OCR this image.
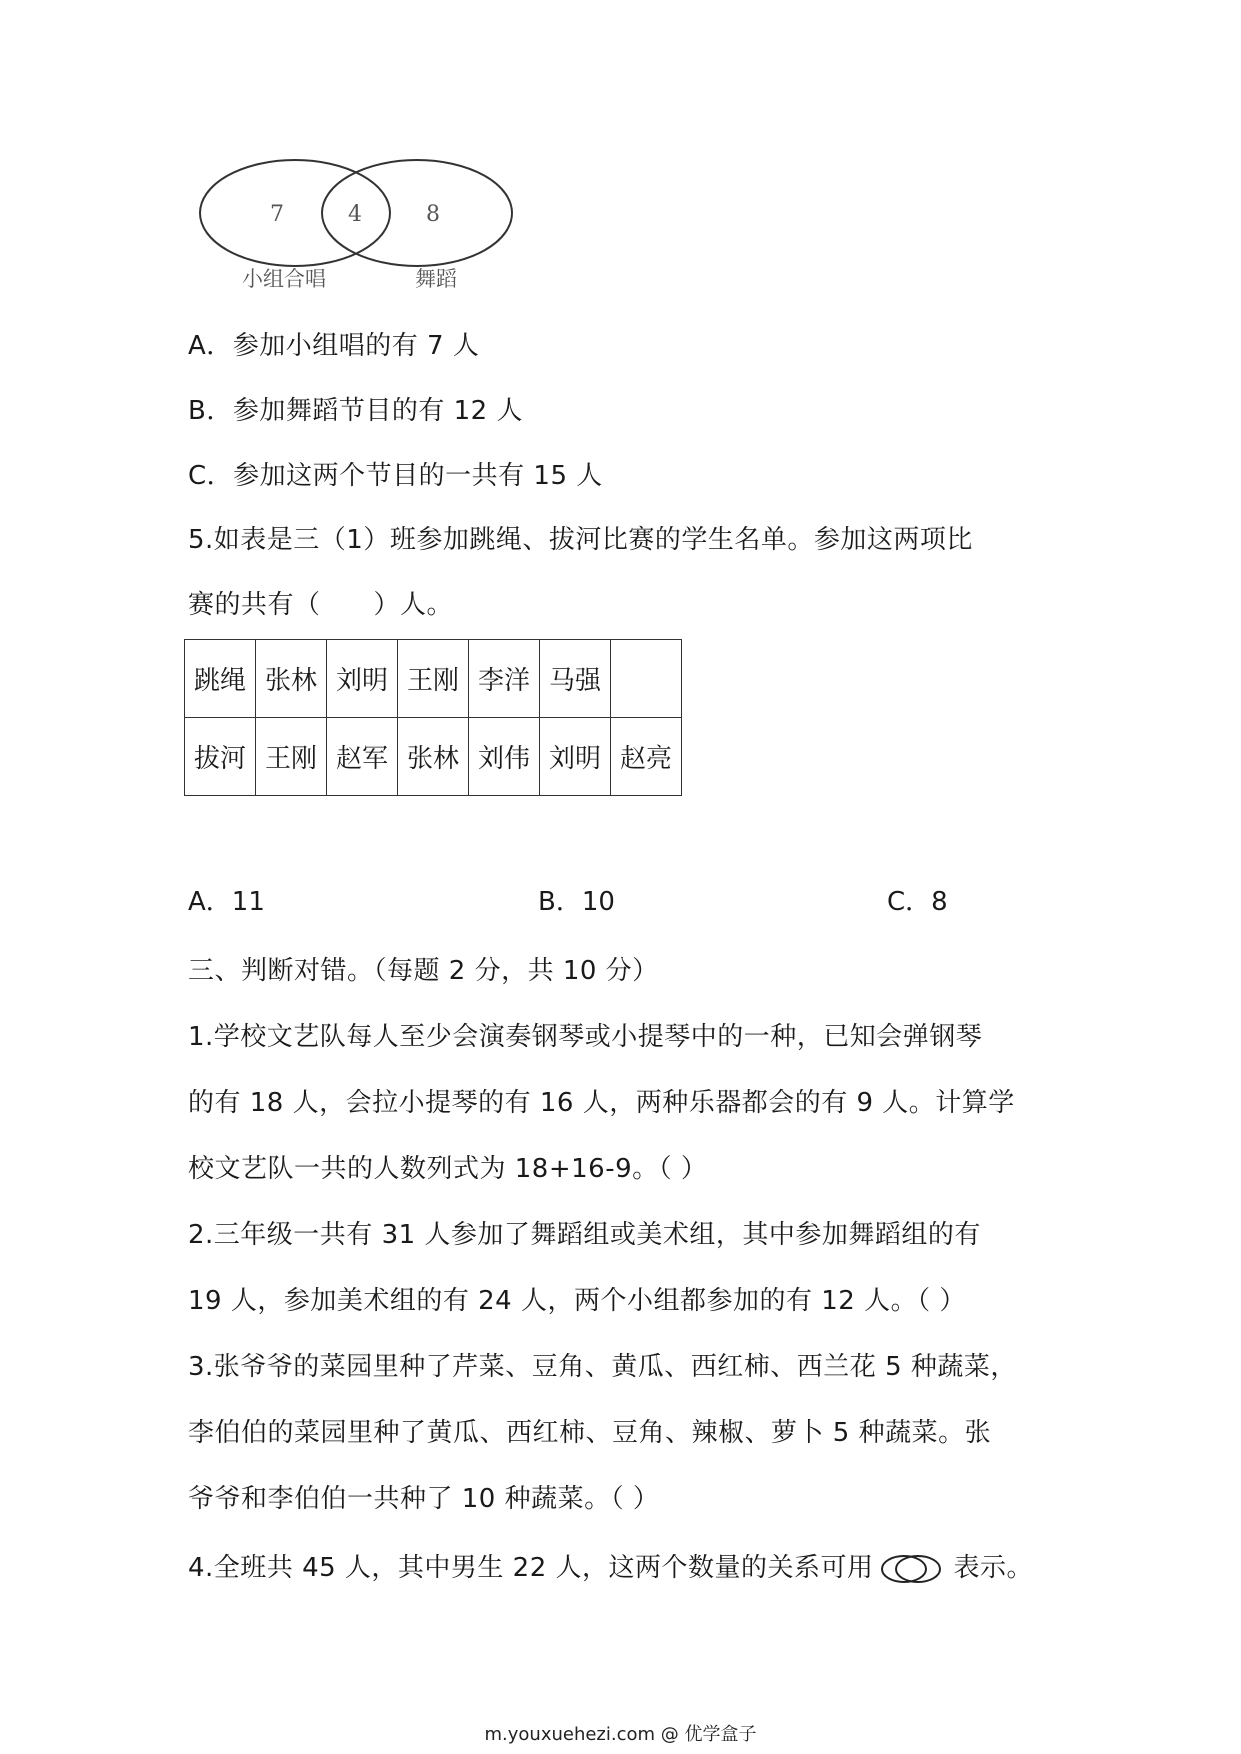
7	4	8
小组合唱	舞蹈
A．参加小组唱的有 7 人
B．参加舞蹈节目的有 12 人
C．参加这两个节目的一共有 15 人
5.如表是三（1）班参加跳绳、拔河比赛的学生名单。参加这两项比
赛的共有（　　）人。
跳绳	张林	刘明	王刚	李洋	马强	
拔河	王刚	赵军	张林	刘伟	刘明	赵亮
A．11	B．10	C．8
三、判断对错。（每题 2 分，共 10 分）
1.学校文艺队每人至少会演奏钢琴或小提琴中的一种，已知会弹钢琴
的有 18 人，会拉小提琴的有 16 人，两种乐器都会的有 9 人。计算学
校文艺队一共的人数列式为 18+16-9。（ ）
2.三年级一共有 31 人参加了舞蹈组或美术组，其中参加舞蹈组的有
19 人，参加美术组的有 24 人，两个小组都参加的有 12 人。（ ）
3.张爷爷的菜园里种了芹菜、豆角、黄瓜、西红柿、西兰花 5 种蔬菜，
李伯伯的菜园里种了黄瓜、西红柿、豆角、辣椒、萝卜 5 种蔬菜。张
爷爷和李伯伯一共种了 10 种蔬菜。（ ）
4.全班共 45 人，其中男生 22 人，这两个数量的关系可用	表示。
m.youxuehezi.com @ 优学盒子
